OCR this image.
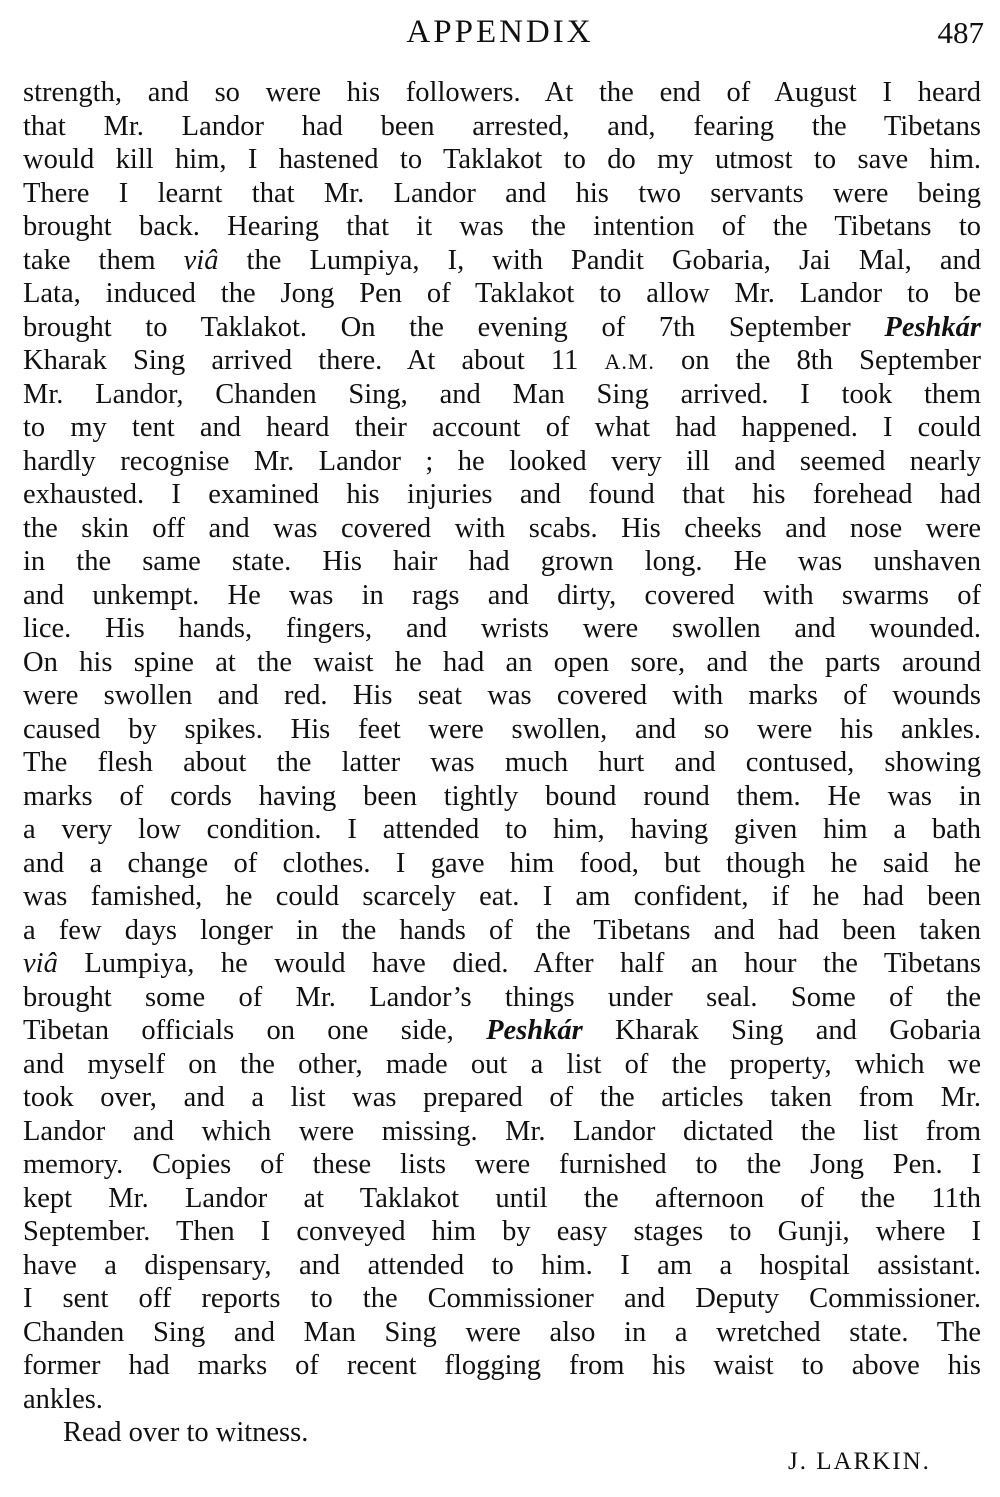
APPENDIX	487
strength, and so were his followers. At the end of August I heard
that Mr. Landor had been arrested, and, fearing the Tibetans
would kill him, I hastened to Taklakot to do my utmost to save him.
There I learnt that Mr. Landor and his two servants were being
brought back. Hearing that it was the intention of the Tibetans to
take them viâ the Lumpiya, I, with Pandit Gobaria, Jai Mal, and
Lata, induced the Jong Pen of Taklakot to allow Mr. Landor to be
brought to Taklakot. On the evening of 7th September Peshkár
Kharak Sing arrived there. At about 11 A.M. on the 8th September
Mr. Landor, Chanden Sing, and Man Sing arrived. I took them
to my tent and heard their account of what had happened. I could
hardly recognise Mr. Landor ; he looked very ill and seemed nearly
exhausted. I examined his injuries and found that his forehead had
the skin off and was covered with scabs. His cheeks and nose were
in the same state. His hair had grown long. He was unshaven
and unkempt. He was in rags and dirty, covered with swarms of
lice. His hands, fingers, and wrists were swollen and wounded.
On his spine at the waist he had an open sore, and the parts around
were swollen and red. His seat was covered with marks of wounds
caused by spikes. His feet were swollen, and so were his ankles.
The flesh about the latter was much hurt and contused, showing
marks of cords having been tightly bound round them. He was in
a very low condition. I attended to him, having given him a bath
and a change of clothes. I gave him food, but though he said he
was famished, he could scarcely eat. I am confident, if he had been
a few days longer in the hands of the Tibetans and had been taken
viâ Lumpiya, he would have died. After half an hour the Tibetans
brought some of Mr. Landor’s things under seal. Some of the
Tibetan officials on one side, Peshkár Kharak Sing and Gobaria
and myself on the other, made out a list of the property, which we
took over, and a list was prepared of the articles taken from Mr.
Landor and which were missing. Mr. Landor dictated the list from
memory. Copies of these lists were furnished to the Jong Pen. I
kept Mr. Landor at Taklakot until the afternoon of the 11th
September. Then I conveyed him by easy stages to Gunji, where I
have a dispensary, and attended to him. I am a hospital assistant.
I sent off reports to the Commissioner and Deputy Commissioner.
Chanden Sing and Man Sing were also in a wretched state. The
former had marks of recent flogging from his waist to above his
ankles.
Read over to witness.
J. LARKIN.
